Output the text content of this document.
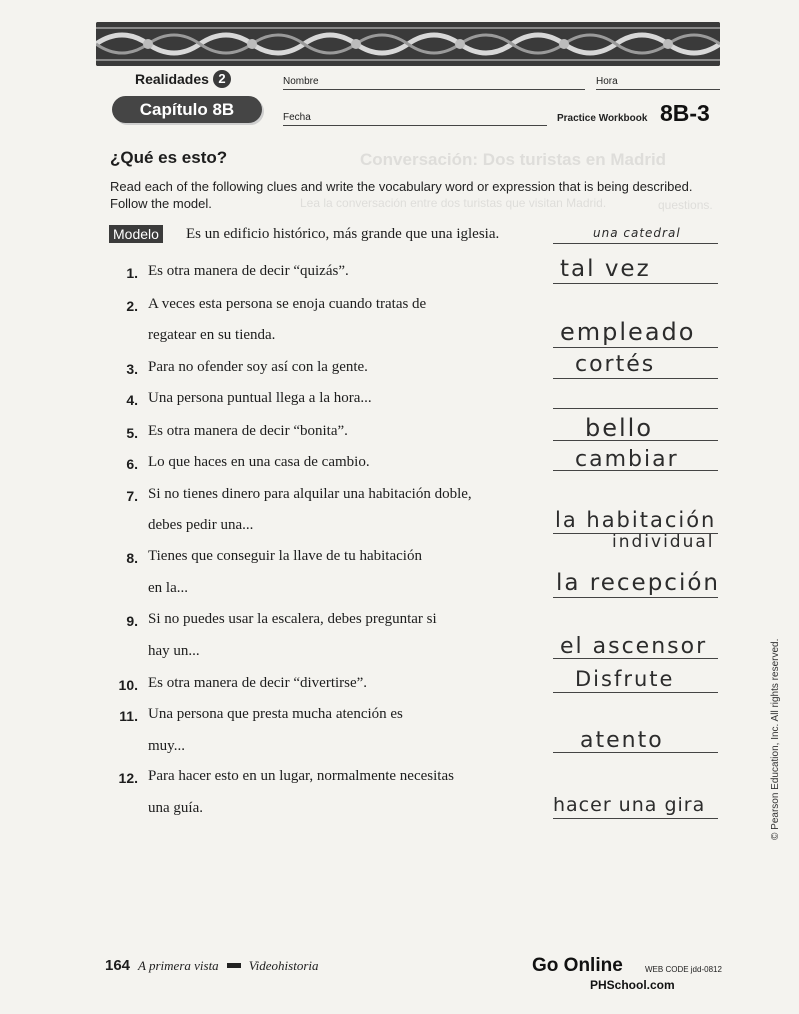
Realidades 2
Capítulo 8B
Nombre	Hora
Fecha	Practice Workbook 8B-3
Conversación: Dos turistas en Madrid
Lea la conversación entre dos turistas que visitan Madrid.	questions.
¿Qué es esto?
Read each of the following clues and write the vocabulary word or expression that is being described. Follow the model.
Modelo Es un edificio histórico, más grande que una iglesia.	una catedral
1. Es otra manera de decir “quizás”.	tal vez
2. A veces esta persona se enoja cuando tratas de
regatear en su tienda.	empleado
3. Para no ofender soy así con la gente.	cortés
4. Una persona puntual llega a la hora...
5. Es otra manera de decir “bonita”.	bello
6. Lo que haces en una casa de cambio.	cambiar
7. Si no tienes dinero para alquilar una habitación doble,
debes pedir una...	la habitación
individual
8. Tienes que conseguir la llave de tu habitación
en la...	la recepción
9. Si no puedes usar la escalera, debes preguntar si
hay un...	el ascensor
10. Es otra manera de decir “divertirse”.	Disfrute
11. Una persona que presta mucha atención es
muy...	atento
12. Para hacer esto en un lugar, normalmente necesitas
una guía.	hacer una gira	© Pearson Education, Inc. All rights reserved.
164 A primera vista Videohistoria	Go Online	WEB CODE jdd-0812
PHSchool.com
